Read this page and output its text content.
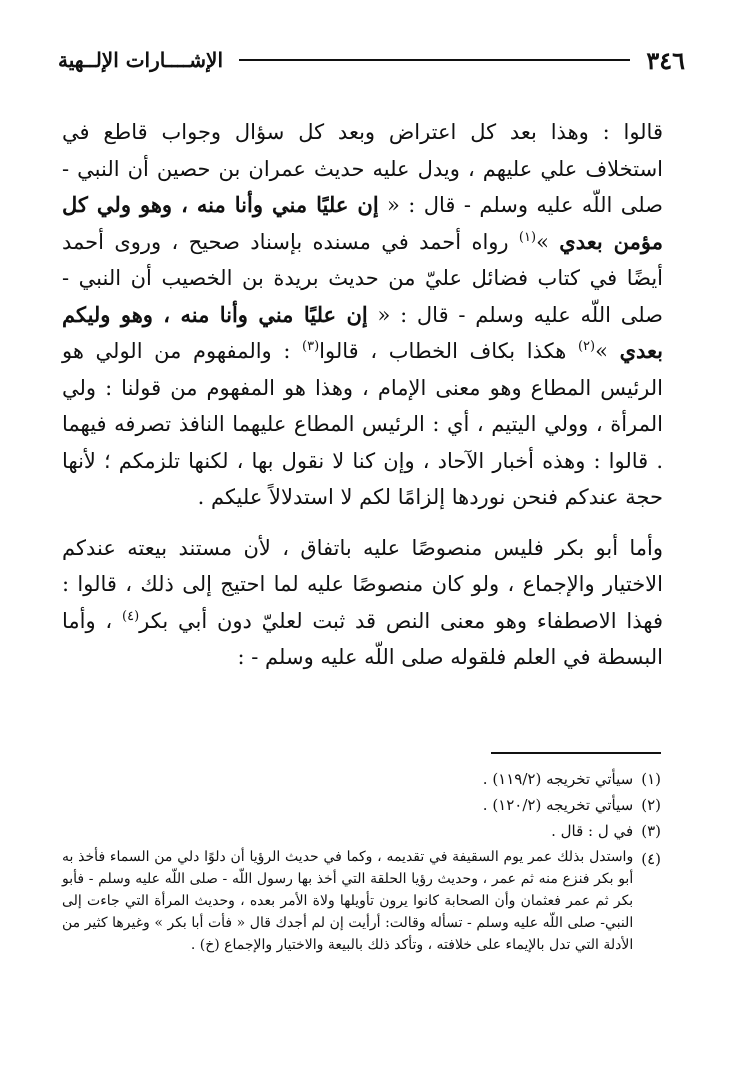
٣٤٦
الإشــــارات الإلــهية

قالوا : وهذا بعد كل اعتراض وبعد كل سؤال وجواب قاطع في استخلاف علي عليهم ، ويدل عليه حديث عمران بن حصين أن النبي - صلى اللّه عليه وسلم - قال : « إن عليًا مني وأنا منه ، وهو ولي كل مؤمن بعدي »$^{(١)}$ رواه أحمد في مسنده بإسناد صحيح ، وروى أحمد أيضًا في كتاب فضائل عليّ من حديث بريدة بن الخصيب أن النبي - صلى اللّه عليه وسلم - قال : « إن عليًا مني وأنا منه ، وهو وليكم بعدي »$^{(٢)}$ هكذا بكاف الخطاب ، قالوا$^{(٣)}$ : والمفهوم من الولي هو الرئيس المطاع وهو معنى الإمام ، وهذا هو المفهوم من قولنا : ولي المرأة ، وولي اليتيم ، أي : الرئيس المطاع عليهما النافذ تصرفه فيهما . قالوا : وهذه أخبار الآحاد ، وإن كنا لا نقول بها ، لكنها تلزمكم ؛ لأنها حجة عندكم فنحن نوردها إلزامًا لكم لا استدلالاً عليكم .

وأما أبو بكر فليس منصوصًا عليه باتفاق ، لأن مستند بيعته عندكم الاختيار والإجماع ، ولو كان منصوصًا عليه لما احتيج إلى ذلك ، قالوا : فهذا الاصطفاء وهو معنى النص قد ثبت لعليّ دون أبي بكر$^{(٤)}$ ، وأما البسطة في العلم فلقوله صلى اللّه عليه وسلم - :

(١)
سيأتي تخريجه (١١٩/٢) .
(٢)
سيأتي تخريجه (١٢٠/٢) .
(٣)
في ل : قال .
(٤)
واستدل بذلك عمر يوم السقيفة في تقديمه ، وكما في حديث الرؤيا أن دلوًا دلي من السماء فأخذ به أبو بكر فنزع منه ثم عمر ، وحديث رؤيا الحلقة التي أخذ بها رسول اللّه - صلى اللّه عليه وسلم - فأبو بكر ثم عمر فعثمان وأن الصحابة كانوا يرون تأويلها ولاة الأمر بعده ، وحديث المرأة التي جاءت إلى النبي- صلى اللّه عليه وسلم - تسأله وقالت: أرأيت إن لم أجدك قال « فأت أبا بكر » وغيرها كثير من الأدلة التي تدل بالإيماء على خلافته ، وتأكد ذلك بالبيعة والاختيار والإجماع (خ) .
